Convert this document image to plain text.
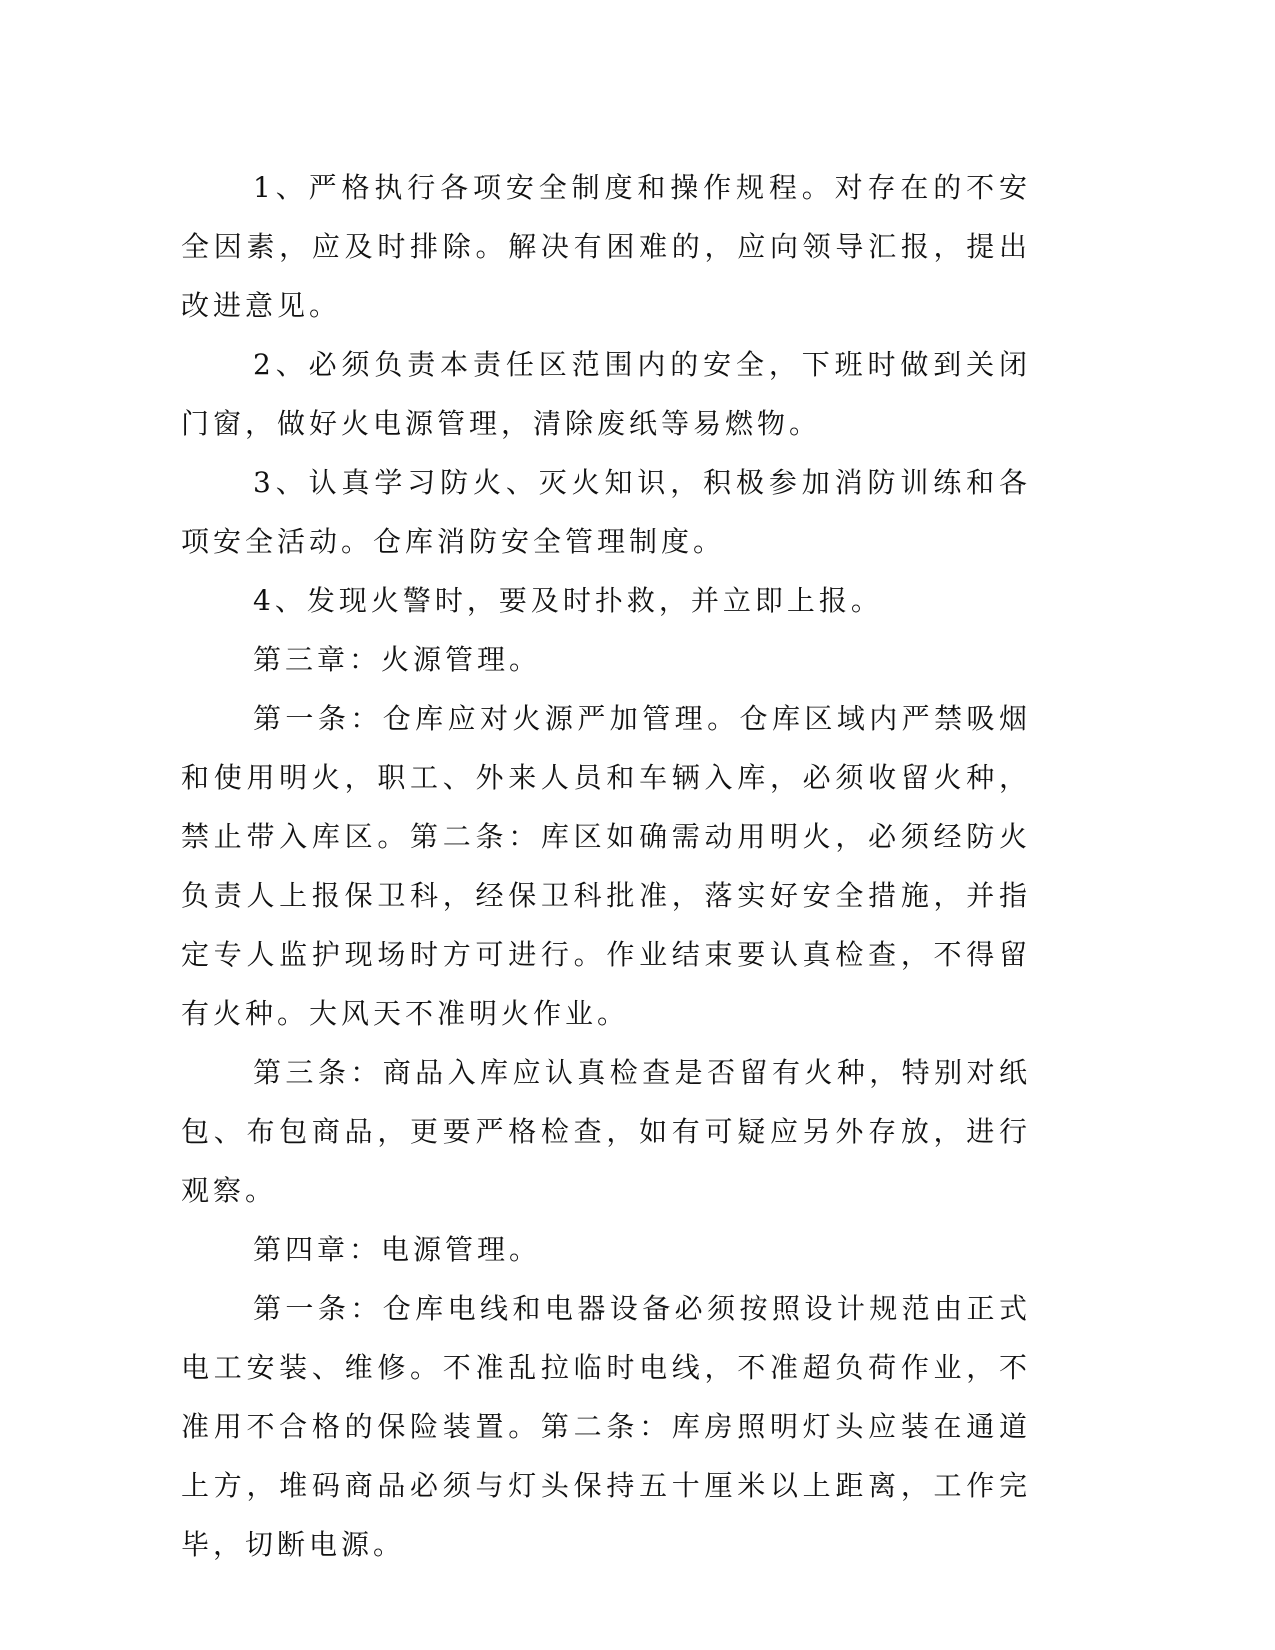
1、严格执行各项安全制度和操作规程。对存在的不安全因素，应及时排除。解决有困难的，应向领导汇报，提出改进意见。

2、必须负责本责任区范围内的安全，下班时做到关闭门窗，做好火电源管理，清除废纸等易燃物。

3、认真学习防火、灭火知识，积极参加消防训练和各项安全活动。仓库消防安全管理制度。

4、发现火警时，要及时扑救，并立即上报。

第三章：火源管理。

第一条：仓库应对火源严加管理。仓库区域内严禁吸烟和使用明火，职工、外来人员和车辆入库，必须收留火种，禁止带入库区。第二条：库区如确需动用明火，必须经防火负责人上报保卫科，经保卫科批准，落实好安全措施，并指定专人监护现场时方可进行。作业结束要认真检查，不得留有火种。大风天不准明火作业。

第三条：商品入库应认真检查是否留有火种，特别对纸包、布包商品，更要严格检查，如有可疑应另外存放，进行观察。

第四章：电源管理。

第一条：仓库电线和电器设备必须按照设计规范由正式电工安装、维修。不准乱拉临时电线，不准超负荷作业，不准用不合格的保险装置。第二条：库房照明灯头应装在通道上方，堆码商品必须与灯头保持五十厘米以上距离，工作完毕，切断电源。
